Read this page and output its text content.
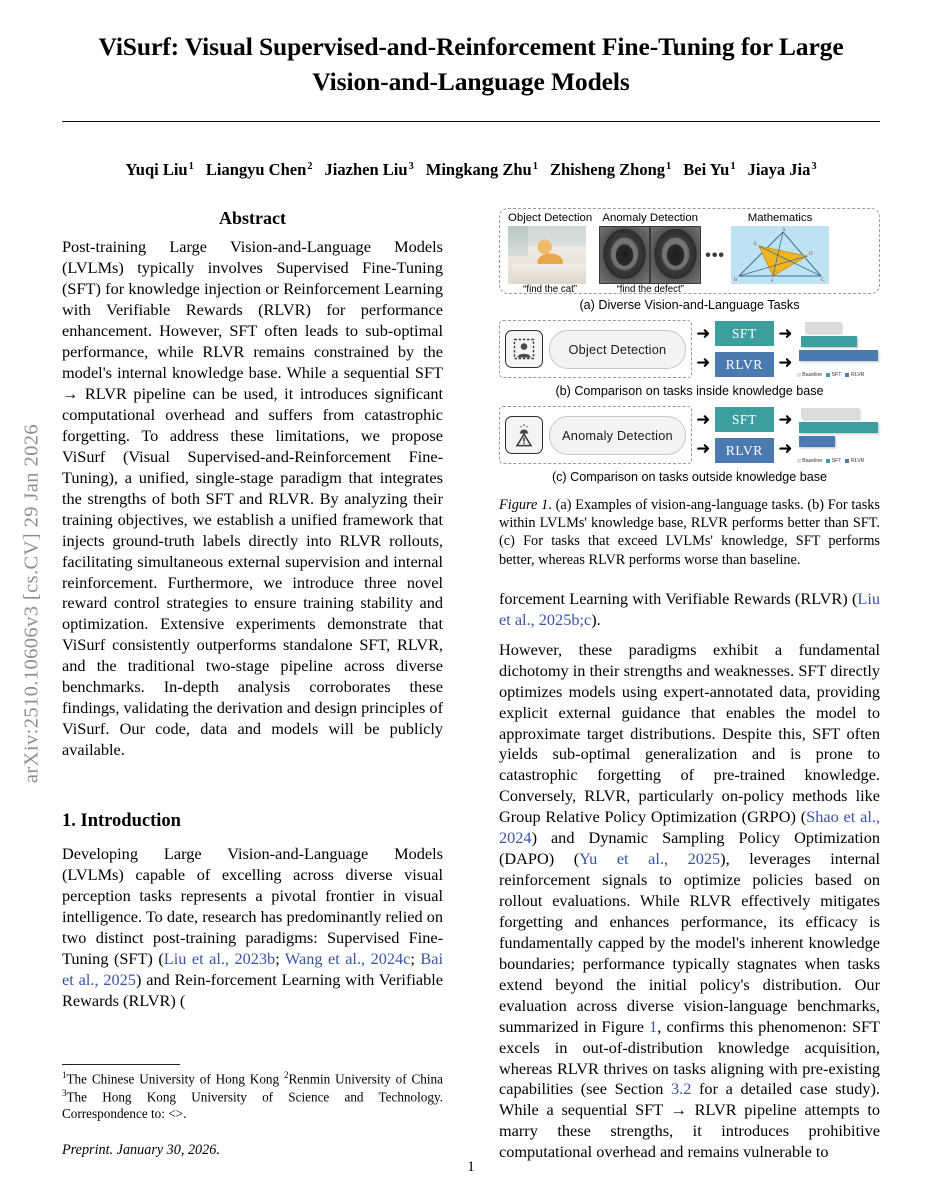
arXiv:2510.10606v3 [cs.CV] 29 Jan 2026
ViSurf: Visual Supervised-and-Reinforcement Fine-Tuning for Large Vision-and-Language Models
Yuqi Liu$^1$ Liangyu Chen$^2$ Jiazhen Liu$^3$ Mingkang Zhu$^1$ Zhisheng Zhong$^1$ Bei Yu$^1$ Jiaya Jia$^3$
Abstract

Post-training Large Vision-and-Language Models (LVLMs) typically involves Supervised Fine-Tuning (SFT) for knowledge injection or Reinforcement Learning with Verifiable Rewards (RLVR) for performance enhancement. However, SFT often leads to sub-optimal performance, while RLVR remains constrained by the model's internal knowledge base. While a sequential SFT → RLVR pipeline can be used, it introduces significant computational overhead and suffers from catastrophic forgetting. To address these limitations, we propose ViSurf (Visual Supervised-and-Reinforcement Fine-Tuning), a unified, single-stage paradigm that integrates the strengths of both SFT and RLVR. By analyzing their training objectives, we establish a unified framework that injects ground-truth labels directly into RLVR rollouts, facilitating simultaneous external supervision and internal reinforcement. Furthermore, we introduce three novel reward control strategies to ensure training stability and optimization. Extensive experiments demonstrate that ViSurf consistently outperforms standalone SFT, RLVR, and the traditional two-stage pipeline across diverse benchmarks. In-depth analysis corroborates these findings, validating the derivation and design principles of ViSurf. Our code, data and models will be publicly available.

1. Introduction

Developing Large Vision-and-Language Models (LVLMs) capable of excelling across diverse visual perception tasks represents a pivotal frontier in visual intelligence. To date, research has predominantly relied on two distinct post-training paradigms: Supervised Fine-Tuning (SFT) (Liu et al., 2023b; Wang et al., 2024c; Bai et al., 2025) and Rein-forcement Learning with Verifiable Rewards (RLVR) (

$^1$The Chinese University of Hong Kong $^2$Renmin University of China $^3$The Hong Kong University of Science and Technology. Correspondence to: <>.

Preprint. January 30, 2026.
Object Detection
“find the cat”
Anomaly Detection
“find the defect”
•••
Mathematics
A
B	C
D
E
F
(a) Diverse Vision-and-Language Tasks
Object Detection
➜
➜
SFT
RLVR
➜
➜
Baseline SFT RLVR
(b) Comparison on tasks inside knowledge base
Anomaly Detection
➜
➜
SFT
RLVR
➜
➜
Baseline SFT RLVR
(c) Comparison on tasks outside knowledge base

Figure 1. (a) Examples of vision-ang-language tasks. (b) For tasks within LVLMs' knowledge base, RLVR performs better than SFT. (c) For tasks that exceed LVLMs' knowledge, SFT performs better, whereas RLVR performs worse than baseline.

forcement Learning with Verifiable Rewards (RLVR) (Liu et al., 2025b;c).

However, these paradigms exhibit a fundamental dichotomy in their strengths and weaknesses. SFT directly optimizes models using expert-annotated data, providing explicit external guidance that enables the model to approximate target distributions. Despite this, SFT often yields sub-optimal generalization and is prone to catastrophic forgetting of pre-trained knowledge. Conversely, RLVR, particularly on-policy methods like Group Relative Policy Optimization (GRPO) (Shao et al., 2024) and Dynamic Sampling Policy Optimization (DAPO) (Yu et al., 2025), leverages internal reinforcement signals to optimize policies based on rollout evaluations. While RLVR effectively mitigates forgetting and enhances performance, its efficacy is fundamentally capped by the model's inherent knowledge boundaries; performance typically stagnates when tasks extend beyond the initial policy's distribution. Our evaluation across diverse vision-language benchmarks, summarized in Figure 1, confirms this phenomenon: SFT excels in out-of-distribution knowledge acquisition, whereas RLVR thrives on tasks aligning with pre-existing capabilities (see Section 3.2 for a detailed case study). While a sequential SFT → RLVR pipeline attempts to marry these strengths, it introduces prohibitive computational overhead and remains vulnerable to

1
